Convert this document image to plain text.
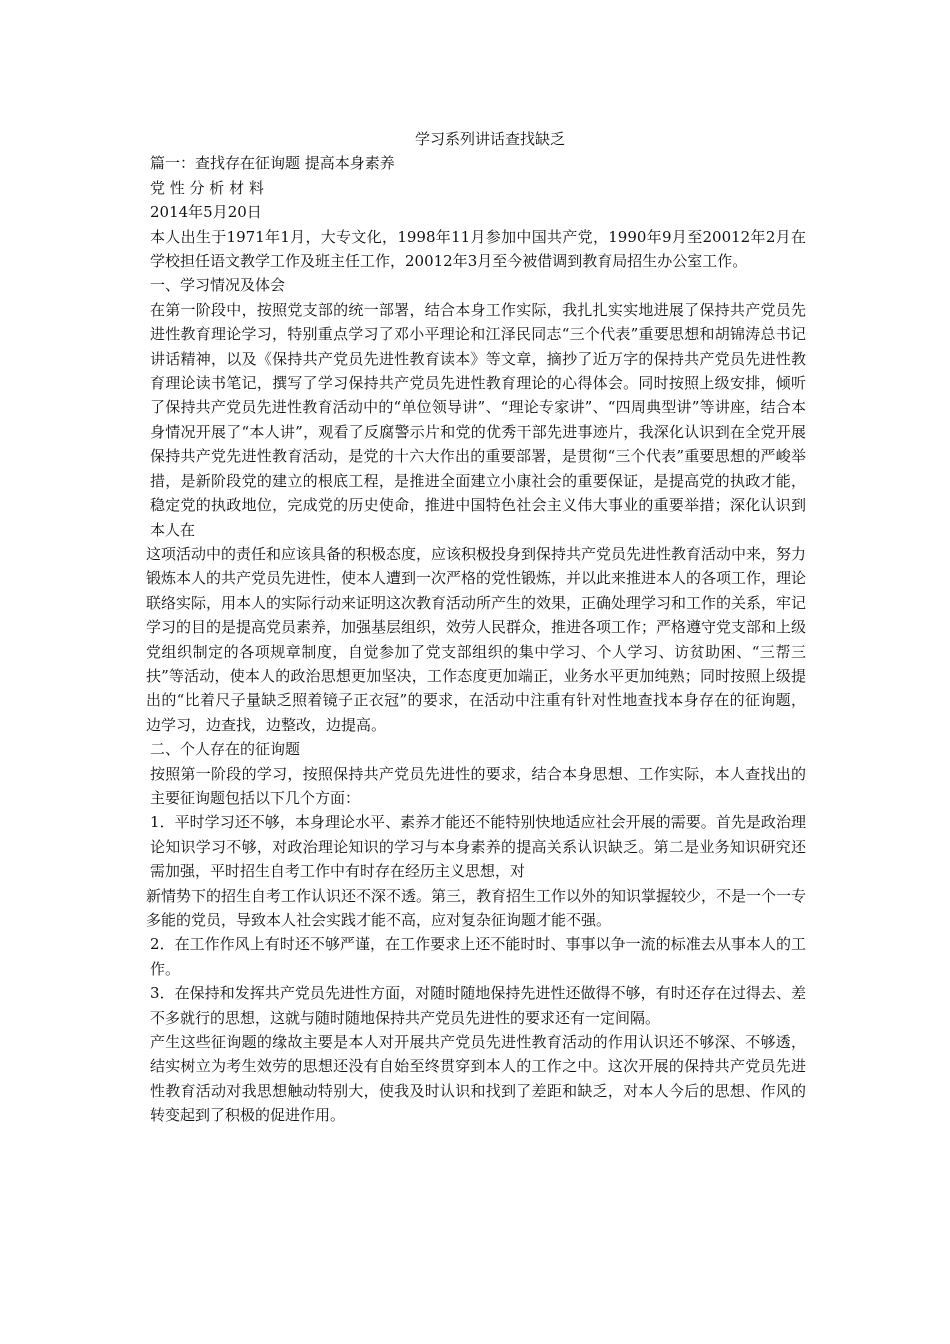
学习系列讲话查找缺乏

篇一：查找存在征询题 提高本身素养

党 性 分 析 材 料

2014年5月20日

本人出生于1971年1月，大专文化，1998年11月参加中国共产党，1990年9月至20012年2月在学校担任语文教学工作及班主任工作，20012年3月至今被借调到教育局招生办公室工作。

一、学习情况及体会

在第一阶段中，按照党支部的统一部署，结合本身工作实际，我扎扎实实地进展了保持共产党员先进性教育理论学习，特别重点学习了邓小平理论和江泽民同志“三个代表”重要思想和胡锦涛总书记讲话精神，以及《保持共产党员先进性教育读本》等文章，摘抄了近万字的保持共产党员先进性教育理论读书笔记，撰写了学习保持共产党员先进性教育理论的心得体会。同时按照上级安排，倾听了保持共产党员先进性教育活动中的“单位领导讲”、“理论专家讲”、“四周典型讲”等讲座，结合本身情况开展了“本人讲”，观看了反腐警示片和党的优秀干部先进事迹片，我深化认识到在全党开展保持共产党先进性教育活动，是党的十六大作出的重要部署，是贯彻“三个代表”重要思想的严峻举措，是新阶段党的建立的根底工程，是推进全面建立小康社会的重要保证，是提高党的执政才能，稳定党的执政地位，完成党的历史使命，推进中国特色社会主义伟大事业的重要举措；深化认识到本人在

这项活动中的责任和应该具备的积极态度，应该积极投身到保持共产党员先进性教育活动中来，努力锻炼本人的共产党员先进性，使本人遭到一次严格的党性锻炼，并以此来推进本人的各项工作，理论联络实际，用本人的实际行动来证明这次教育活动所产生的效果，正确处理学习和工作的关系，牢记学习的目的是提高党员素养，加强基层组织，效劳人民群众，推进各项工作；严格遵守党支部和上级党组织制定的各项规章制度，自觉参加了党支部组织的集中学习、个人学习、访贫助困、“三帮三扶”等活动，使本人的政治思想更加坚决，工作态度更加端正，业务水平更加纯熟；同时按照上级提出的“比着尺子量缺乏照着镜子正衣冠”的要求，在活动中注重有针对性地查找本身存在的征询题，边学习，边查找，边整改，边提高。

二、个人存在的征询题

按照第一阶段的学习，按照保持共产党员先进性的要求，结合本身思想、工作实际，本人查找出的主要征询题包括以下几个方面：

1．平时学习还不够，本身理论水平、素养才能还不能特别快地适应社会开展的需要。首先是政治理论知识学习不够，对政治理论知识的学习与本身素养的提高关系认识缺乏。第二是业务知识研究还需加强，平时招生自考工作中有时存在经历主义思想，对

新情势下的招生自考工作认识还不深不透。第三，教育招生工作以外的知识掌握较少，不是一个一专多能的党员，导致本人社会实践才能不高，应对复杂征询题才能不强。

2．在工作作风上有时还不够严谨，在工作要求上还不能时时、事事以争一流的标准去从事本人的工作。

3．在保持和发挥共产党员先进性方面，对随时随地保持先进性还做得不够，有时还存在过得去、差不多就行的思想，这就与随时随地保持共产党员先进性的要求还有一定间隔。

产生这些征询题的缘故主要是本人对开展共产党员先进性教育活动的作用认识还不够深、不够透，结实树立为考生效劳的思想还没有自始至终贯穿到本人的工作之中。这次开展的保持共产党员先进性教育活动对我思想触动特别大，使我及时认识和找到了差距和缺乏，对本人今后的思想、作风的转变起到了积极的促进作用。
